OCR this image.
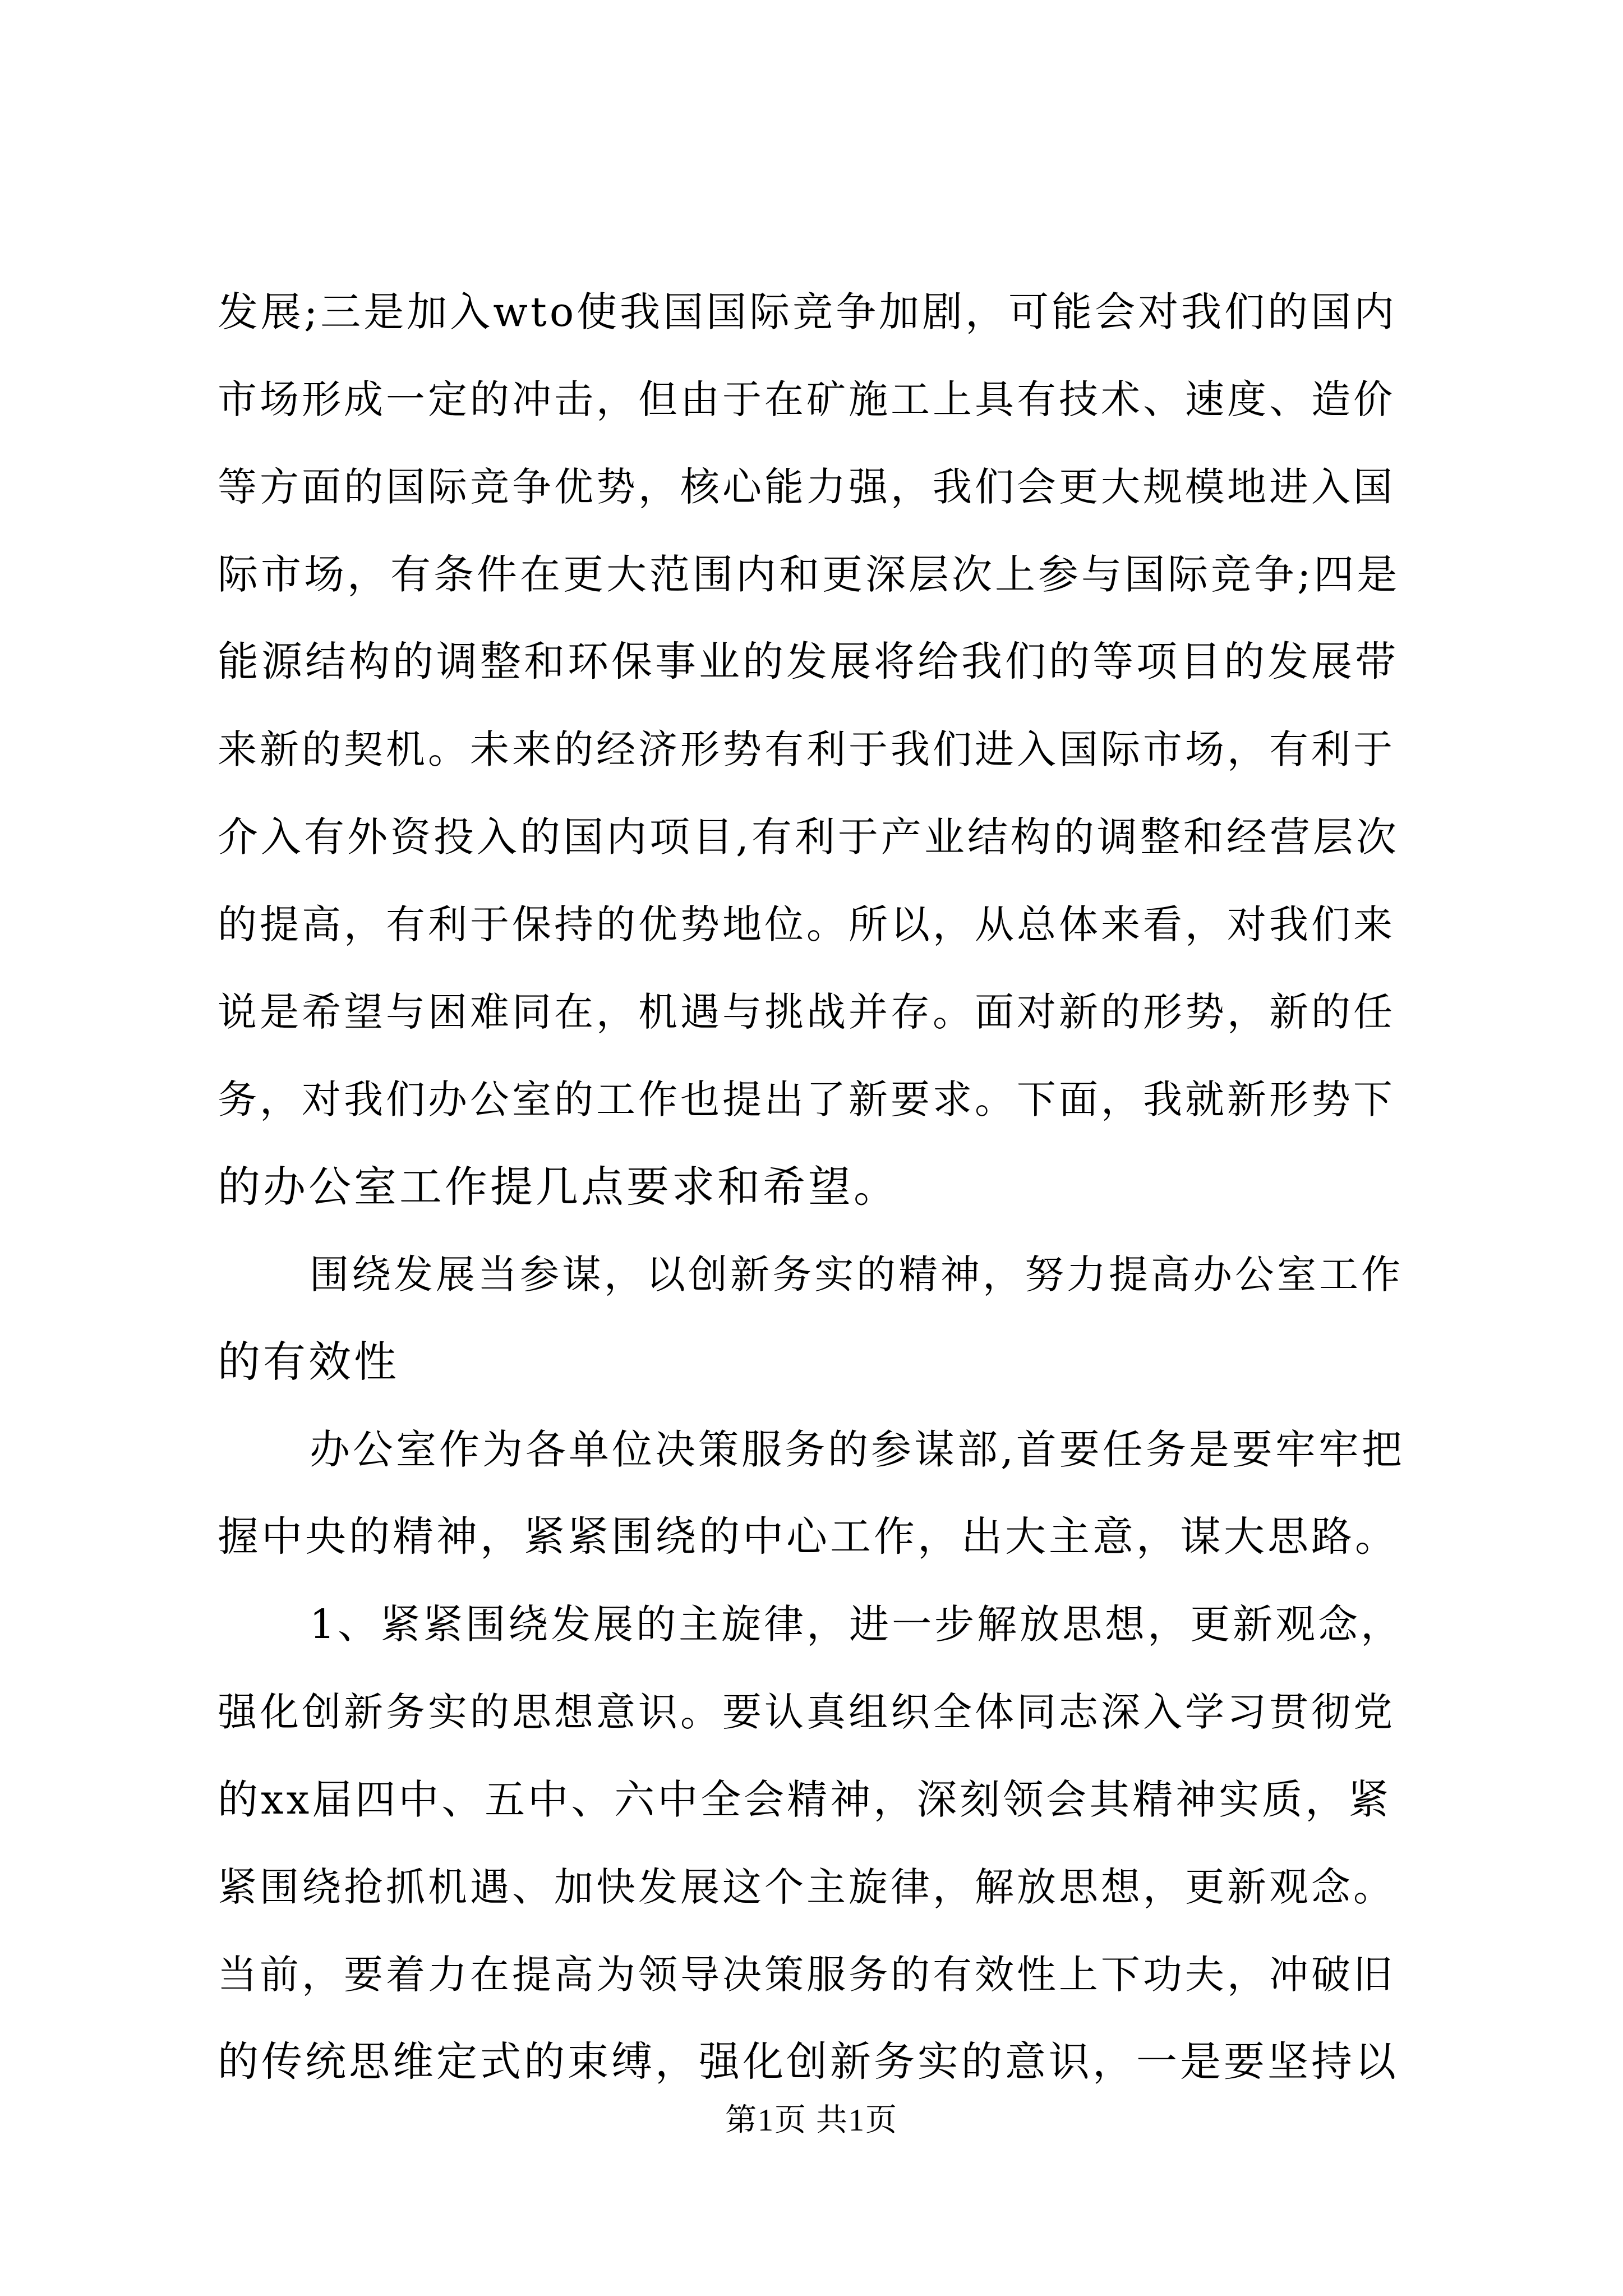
发展;三是加入wto使我国国际竞争加剧，可能会对我们的国内
市场形成一定的冲击，但由于在矿施工上具有技术、速度、造价
等方面的国际竞争优势，核心能力强，我们会更大规模地进入国
际市场，有条件在更大范围内和更深层次上参与国际竞争;四是
能源结构的调整和环保事业的发展将给我们的等项目的发展带
来新的契机。未来的经济形势有利于我们进入国际市场，有利于
介入有外资投入的国内项目,有利于产业结构的调整和经营层次
的提高，有利于保持的优势地位。所以，从总体来看，对我们来
说是希望与困难同在，机遇与挑战并存。面对新的形势，新的任
务，对我们办公室的工作也提出了新要求。下面，我就新形势下
的办公室工作提几点要求和希望。
围绕发展当参谋，以创新务实的精神，努力提高办公室工作
的有效性
办公室作为各单位决策服务的参谋部,首要任务是要牢牢把
握中央的精神，紧紧围绕的中心工作，出大主意，谋大思路。
1、紧紧围绕发展的主旋律，进一步解放思想，更新观念，
强化创新务实的思想意识。要认真组织全体同志深入学习贯彻党
的xx届四中、五中、六中全会精神，深刻领会其精神实质，紧
紧围绕抢抓机遇、加快发展这个主旋律，解放思想，更新观念。
当前，要着力在提高为领导决策服务的有效性上下功夫，冲破旧
的传统思维定式的束缚，强化创新务实的意识，一是要坚持以
第1页 共1页
